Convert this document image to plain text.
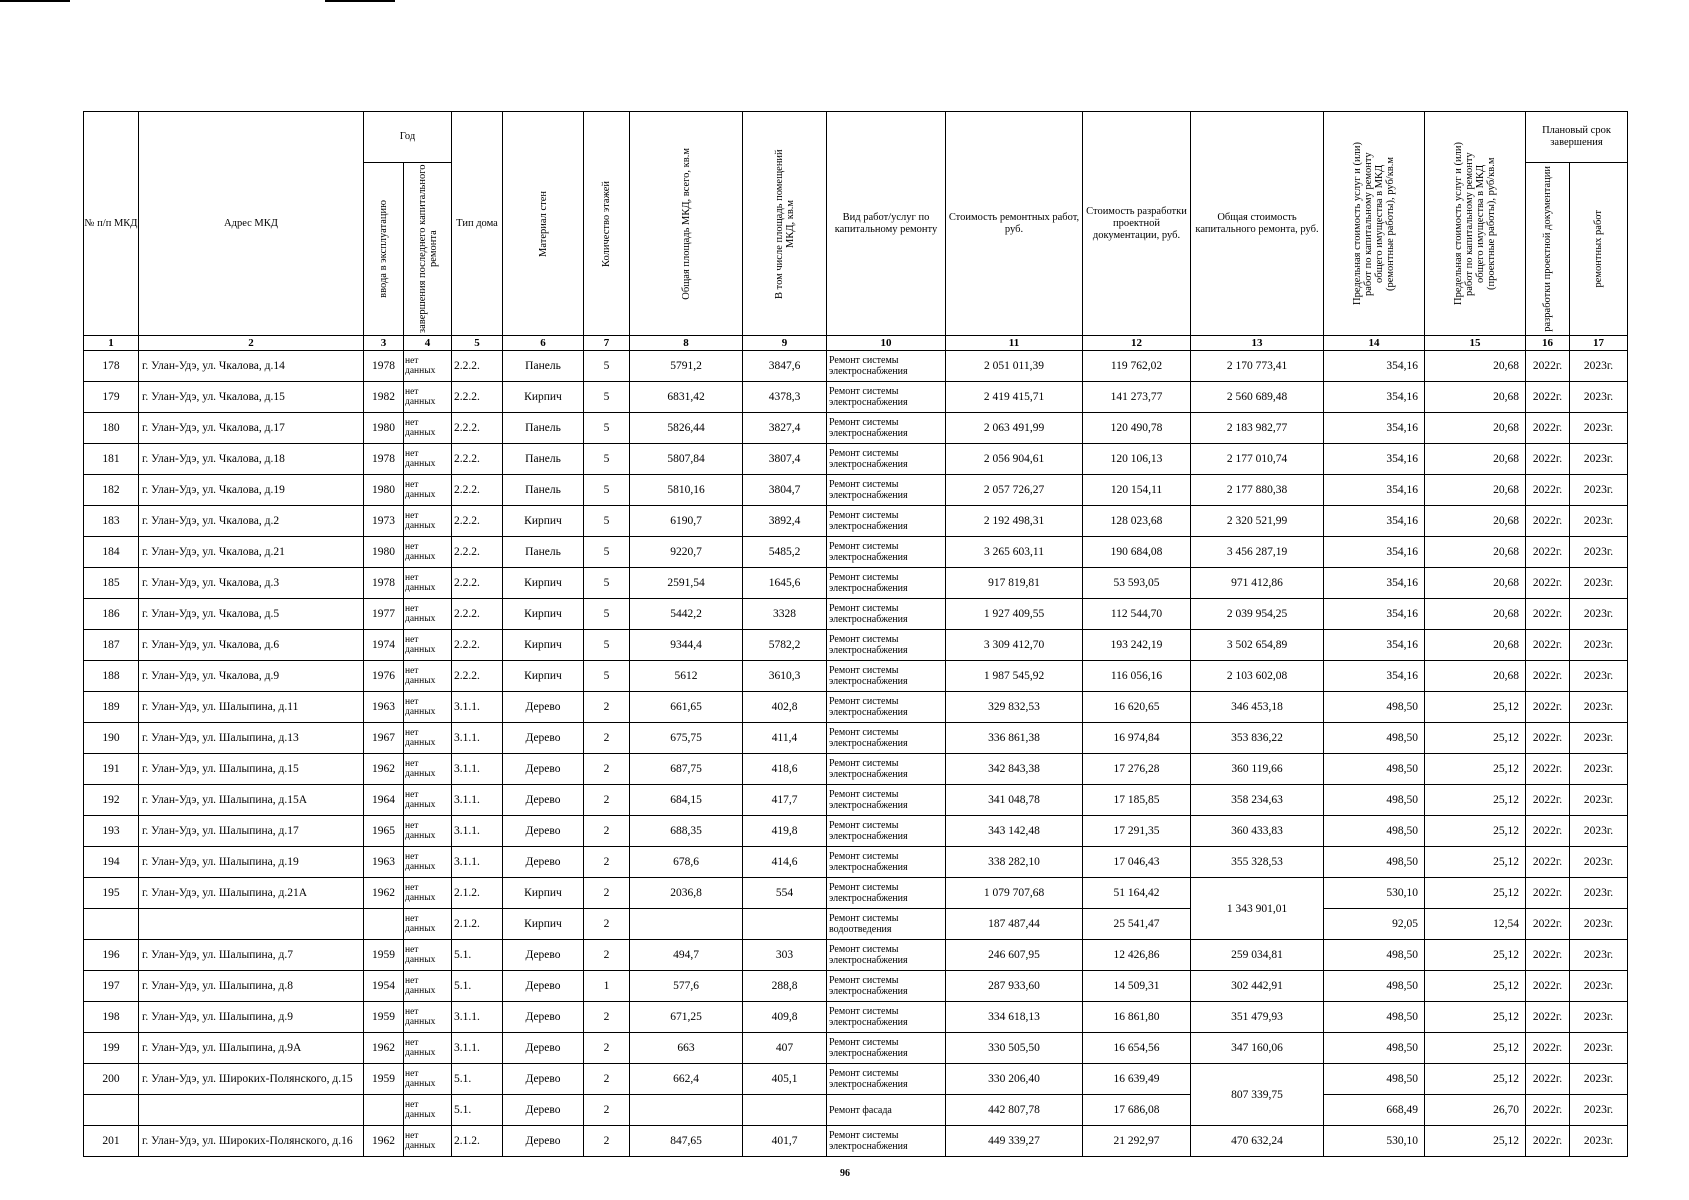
№ п/п МКД	Адрес МКД	Год		Тип дома	Материал стен	Количество этажей	Общая площадь МКД, всего, кв.м	В том числе площадь помещений МКД, кв.м	Вид работ/услуг по капитальному ремонту	Стоимость ремонтных работ, руб.	Стоимость разработки проектной документации, руб.	Общая стоимость капитального ремонта, руб.	Предельная стоимость услуг и (или) работ по капитальному ремонту общего имущества в МКД (ремонтные работы), руб/кв.м	Предельная стоимость услуг и (или) работ по капитальному ремонту общего имущества в МКД (проектные работы), руб/кв.м	Плановый срок завершения	

		ввода в эксплуатацию	завершения последнего капитального ремонта												разработки проектной документации	ремонтных работ

1	2	3	4	5	6	7	8	9	10	11	12	13	14	15	16	17
178	г. Улан-Удэ, ул. Чкалова, д.14	1978	нет данных	2.2.2.	Панель	5	5791,2	3847,6	Ремонт системы электроснабжения	2 051 011,39	119 762,02	2 170 773,41	354,16	20,68	2022г.	2023г.
179	г. Улан-Удэ, ул. Чкалова, д.15	1982	нет данных	2.2.2.	Кирпич	5	6831,42	4378,3	Ремонт системы электроснабжения	2 419 415,71	141 273,77	2 560 689,48	354,16	20,68	2022г.	2023г.
180	г. Улан-Удэ, ул. Чкалова, д.17	1980	нет данных	2.2.2.	Панель	5	5826,44	3827,4	Ремонт системы электроснабжения	2 063 491,99	120 490,78	2 183 982,77	354,16	20,68	2022г.	2023г.
181	г. Улан-Удэ, ул. Чкалова, д.18	1978	нет данных	2.2.2.	Панель	5	5807,84	3807,4	Ремонт системы электроснабжения	2 056 904,61	120 106,13	2 177 010,74	354,16	20,68	2022г.	2023г.
182	г. Улан-Удэ, ул. Чкалова, д.19	1980	нет данных	2.2.2.	Панель	5	5810,16	3804,7	Ремонт системы электроснабжения	2 057 726,27	120 154,11	2 177 880,38	354,16	20,68	2022г.	2023г.
183	г. Улан-Удэ, ул. Чкалова, д.2	1973	нет данных	2.2.2.	Кирпич	5	6190,7	3892,4	Ремонт системы электроснабжения	2 192 498,31	128 023,68	2 320 521,99	354,16	20,68	2022г.	2023г.
184	г. Улан-Удэ, ул. Чкалова, д.21	1980	нет данных	2.2.2.	Панель	5	9220,7	5485,2	Ремонт системы электроснабжения	3 265 603,11	190 684,08	3 456 287,19	354,16	20,68	2022г.	2023г.
185	г. Улан-Удэ, ул. Чкалова, д.3	1978	нет данных	2.2.2.	Кирпич	5	2591,54	1645,6	Ремонт системы электроснабжения	917 819,81	53 593,05	971 412,86	354,16	20,68	2022г.	2023г.
186	г. Улан-Удэ, ул. Чкалова, д.5	1977	нет данных	2.2.2.	Кирпич	5	5442,2	3328	Ремонт системы электроснабжения	1 927 409,55	112 544,70	2 039 954,25	354,16	20,68	2022г.	2023г.
187	г. Улан-Удэ, ул. Чкалова, д.6	1974	нет данных	2.2.2.	Кирпич	5	9344,4	5782,2	Ремонт системы электроснабжения	3 309 412,70	193 242,19	3 502 654,89	354,16	20,68	2022г.	2023г.
188	г. Улан-Удэ, ул. Чкалова, д.9	1976	нет данных	2.2.2.	Кирпич	5	5612	3610,3	Ремонт системы электроснабжения	1 987 545,92	116 056,16	2 103 602,08	354,16	20,68	2022г.	2023г.
189	г. Улан-Удэ, ул. Шалыпина, д.11	1963	нет данных	3.1.1.	Дерево	2	661,65	402,8	Ремонт системы электроснабжения	329 832,53	16 620,65	346 453,18	498,50	25,12	2022г.	2023г.
190	г. Улан-Удэ, ул. Шалыпина, д.13	1967	нет данных	3.1.1.	Дерево	2	675,75	411,4	Ремонт системы электроснабжения	336 861,38	16 974,84	353 836,22	498,50	25,12	2022г.	2023г.
191	г. Улан-Удэ, ул. Шалыпина, д.15	1962	нет данных	3.1.1.	Дерево	2	687,75	418,6	Ремонт системы электроснабжения	342 843,38	17 276,28	360 119,66	498,50	25,12	2022г.	2023г.
192	г. Улан-Удэ, ул. Шалыпина, д.15А	1964	нет данных	3.1.1.	Дерево	2	684,15	417,7	Ремонт системы электроснабжения	341 048,78	17 185,85	358 234,63	498,50	25,12	2022г.	2023г.
193	г. Улан-Удэ, ул. Шалыпина, д.17	1965	нет данных	3.1.1.	Дерево	2	688,35	419,8	Ремонт системы электроснабжения	343 142,48	17 291,35	360 433,83	498,50	25,12	2022г.	2023г.
194	г. Улан-Удэ, ул. Шалыпина, д.19	1963	нет данных	3.1.1.	Дерево	2	678,6	414,6	Ремонт системы электроснабжения	338 282,10	17 046,43	355 328,53	498,50	25,12	2022г.	2023г.
195	г. Улан-Удэ, ул. Шалыпина, д.21А	1962	нет данных	2.1.2.	Кирпич	2	2036,8	554	Ремонт системы электроснабжения	1 079 707,68	51 164,42	1 343 901,01	530,10	25,12	2022г.	2023г.
			нет данных	2.1.2.	Кирпич	2			Ремонт системы водоотведения	187 487,44	25 541,47		92,05	12,54	2022г.	2023г.
196	г. Улан-Удэ, ул. Шалыпина, д.7	1959	нет данных	5.1.	Дерево	2	494,7	303	Ремонт системы электроснабжения	246 607,95	12 426,86	259 034,81	498,50	25,12	2022г.	2023г.
197	г. Улан-Удэ, ул. Шалыпина, д.8	1954	нет данных	5.1.	Дерево	1	577,6	288,8	Ремонт системы электроснабжения	287 933,60	14 509,31	302 442,91	498,50	25,12	2022г.	2023г.
198	г. Улан-Удэ, ул. Шалыпина, д.9	1959	нет данных	3.1.1.	Дерево	2	671,25	409,8	Ремонт системы электроснабжения	334 618,13	16 861,80	351 479,93	498,50	25,12	2022г.	2023г.
199	г. Улан-Удэ, ул. Шалыпина, д.9А	1962	нет данных	3.1.1.	Дерево	2	663	407	Ремонт системы электроснабжения	330 505,50	16 654,56	347 160,06	498,50	25,12	2022г.	2023г.
200	г. Улан-Удэ, ул. Широких-Полянского, д.15	1959	нет данных	5.1.	Дерево	2	662,4	405,1	Ремонт системы электроснабжения	330 206,40	16 639,49	807 339,75	498,50	25,12	2022г.	2023г.
			нет данных	5.1.	Дерево	2			Ремонт фасада	442 807,78	17 686,08		668,49	26,70	2022г.	2023г.
201	г. Улан-Удэ, ул. Широких-Полянского, д.16	1962	нет данных	2.1.2.	Дерево	2	847,65	401,7	Ремонт системы электроснабжения	449 339,27	21 292,97	470 632,24	530,10	25,12	2022г.	2023г.
96
